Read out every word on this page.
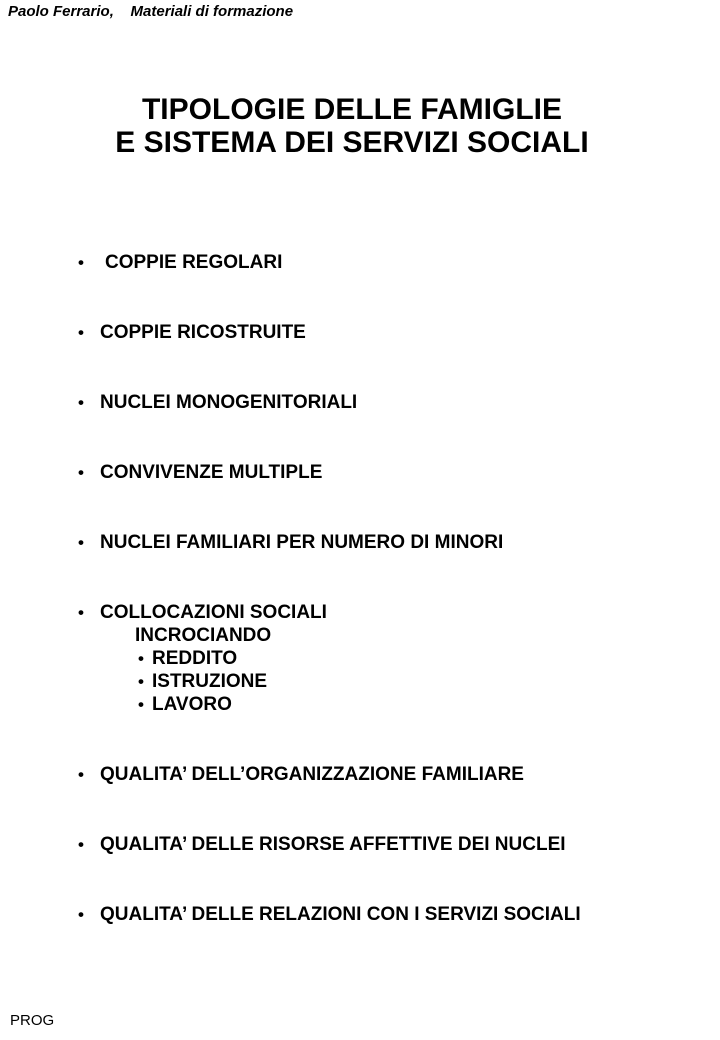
Paolo Ferrario,    Materiali di formazione
TIPOLOGIE DELLE FAMIGLIE
E SISTEMA DEI SERVIZI SOCIALI
•	COPPIE REGOLARI
• COPPIE RICOSTRUITE
• NUCLEI MONOGENITORIALI
• CONVIVENZE MULTIPLE
• NUCLEI FAMILIARI PER NUMERO DI MINORI
• COLLOCAZIONI SOCIALI
INCROCIANDO
• REDDITO
• ISTRUZIONE
• LAVORO
• QUALITA’ DELL’ORGANIZZAZIONE FAMILIARE
• QUALITA’ DELLE RISORSE AFFETTIVE DEI NUCLEI
• QUALITA’ DELLE RELAZIONI CON I SERVIZI SOCIALI
PROG
